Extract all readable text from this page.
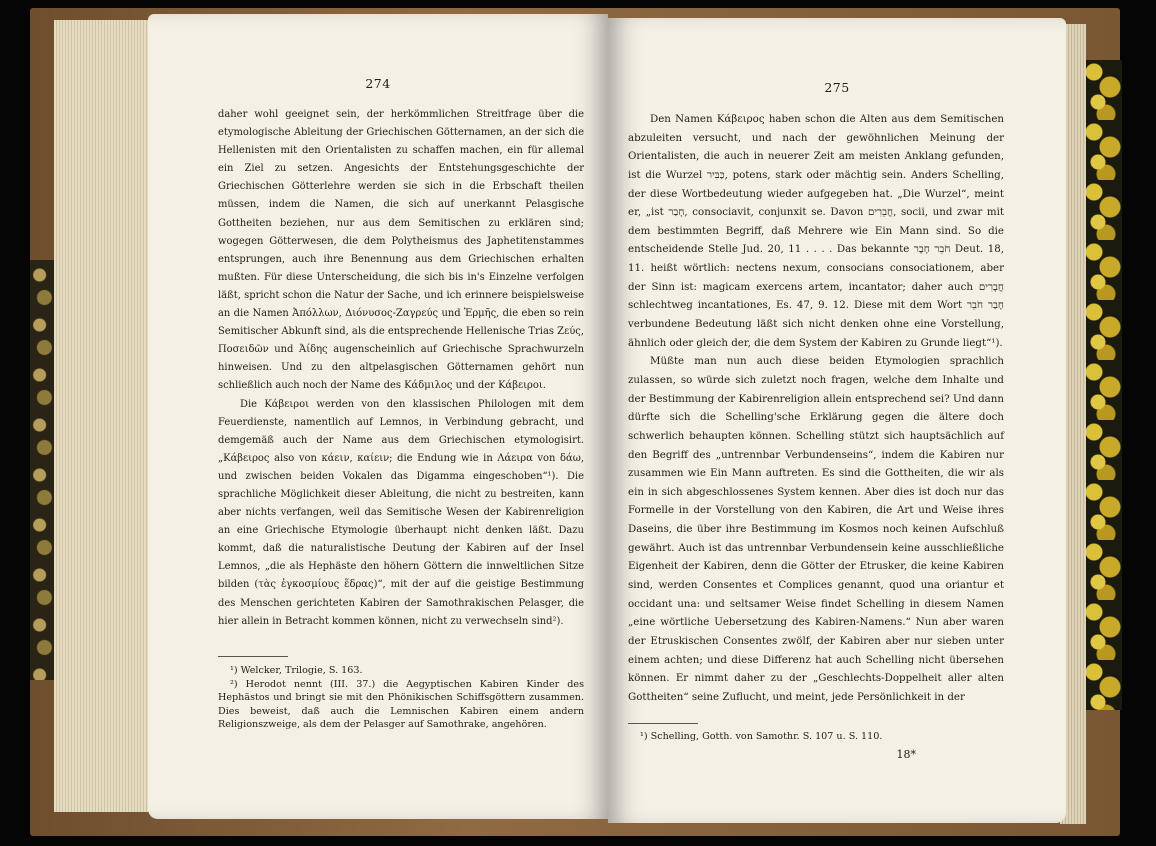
274

daher wohl geeignet sein, der herkömmlichen Streitfrage über die etymologische Ableitung der Griechischen Götternamen, an der sich die Hellenisten mit den Orientalisten zu schaffen machen, ein für allemal ein Ziel zu setzen. Angesichts der Entstehungsgeschichte der Griechischen Götterlehre werden sie sich in die Erbschaft theilen müssen, indem die Namen, die sich auf unerkannt Pelasgische Gottheiten beziehen, nur aus dem Semitischen zu erklären sind; wogegen Götterwesen, die dem Polytheismus des Japhetitenstammes entsprungen, auch ihre Benennung aus dem Griechischen erhalten mußten. Für diese Unterscheidung, die sich bis in's Einzelne verfolgen läßt, spricht schon die Natur der Sache, und ich erinnere beispielsweise an die Namen Ἀπόλλων, Διόνυσος-Ζαγρεύς und Ἑρμῆς, die eben so rein Semitischer Abkunft sind, als die entsprechende Hellenische Trias Ζεύς, Ποσειδῶν und Ἀίδης augenscheinlich auf Griechische Sprachwurzeln hinweisen. Und zu den altpelasgischen Götternamen gehört nun schließlich auch noch der Name des Κάδμιλος und der Κάβειροι.

Die Κάβειροι werden von den klassischen Philologen mit dem Feuerdienste, namentlich auf Lemnos, in Verbindung gebracht, und demgemäß auch der Name aus dem Griechischen etymologisirt. „Κάβειρος also von κάειν, καίειν; die Endung wie in Λάειρα von δάω, und zwischen beiden Vokalen das Digamma eingeschoben“¹). Die sprachliche Möglichkeit dieser Ableitung, die nicht zu bestreiten, kann aber nichts verfangen, weil das Semitische Wesen der Kabirenreligion an eine Griechische Etymologie überhaupt nicht denken läßt. Dazu kommt, daß die naturalistische Deutung der Kabiren auf der Insel Lemnos, „die als Hephäste den höhern Göttern die innweltlichen Sitze bilden (τὰς ἐγκοσμίους ἕδρας)“, mit der auf die geistige Bestimmung des Menschen gerichteten Kabiren der Samothrakischen Pelasger, die hier allein in Betracht kommen können, nicht zu verwechseln sind²).

¹) Welcker, Trilogie, S. 163.

²) Herodot nennt (III. 37.) die Aegyptischen Kabiren Kinder des Hephästos und bringt sie mit den Phönikischen Schiffsgöttern zusammen. Dies beweist, daß auch die Lemnischen Kabiren einem andern Religionszweige, als dem der Pelasger auf Samothrake, angehören.

275

Den Namen Κάβειρος haben schon die Alten aus dem Semitischen abzuleiten versucht, und nach der gewöhnlichen Meinung der Orientalisten, die auch in neuerer Zeit am meisten Anklang gefunden, ist die Wurzel כַּבִּיר, potens, stark oder mächtig sein. Anders Schelling, der diese Wortbedeutung wieder aufgegeben hat. „Die Wurzel“, meint er, „ist חָבַר, consociavit, conjunxit se. Davon חֲבֵרִים, socii, und zwar mit dem bestimmten Begriff, daß Mehrere wie Ein Mann sind. So die entscheidende Stelle Jud. 20, 11 . . . . Das bekannte חֹבֵר חָבֶר Deut. 18, 11. heißt wörtlich: nectens nexum, consocians consociationem, aber der Sinn ist: magicam exercens artem, incantator; daher auch חֲבָרִים schlechtweg incantationes, Es. 47, 9. 12. Diese mit dem Wort חָבַר חֹבֵר verbundene Bedeutung läßt sich nicht denken ohne eine Vorstellung, ähnlich oder gleich der, die dem System der Kabiren zu Grunde liegt“¹).

Müßte man nun auch diese beiden Etymologien sprachlich zulassen, so würde sich zuletzt noch fragen, welche dem Inhalte und der Bestimmung der Kabirenreligion allein entsprechend sei? Und dann dürfte sich die Schelling'sche Erklärung gegen die ältere doch schwerlich behaupten können. Schelling stützt sich hauptsächlich auf den Begriff des „untrennbar Verbundenseins“, indem die Kabiren nur zusammen wie Ein Mann auftreten. Es sind die Gottheiten, die wir als ein in sich abgeschlossenes System kennen. Aber dies ist doch nur das Formelle in der Vorstellung von den Kabiren, die Art und Weise ihres Daseins, die über ihre Bestimmung im Kosmos noch keinen Aufschluß gewährt. Auch ist das untrennbar Verbundensein keine ausschließliche Eigenheit der Kabiren, denn die Götter der Etrusker, die keine Kabiren sind, werden Consentes et Complices genannt, quod una oriantur et occidant una: und seltsamer Weise findet Schelling in diesem Namen „eine wörtliche Uebersetzung des Kabiren-Namens.“ Nun aber waren der Etruskischen Consentes zwölf, der Kabiren aber nur sieben unter einem achten; und diese Differenz hat auch Schelling nicht übersehen können. Er nimmt daher zu der „Geschlechts-Doppelheit aller alten Gottheiten“ seine Zuflucht, und meint, jede Persönlichkeit in der

¹) Schelling, Gotth. von Samothr. S. 107 u. S. 110.

18*
